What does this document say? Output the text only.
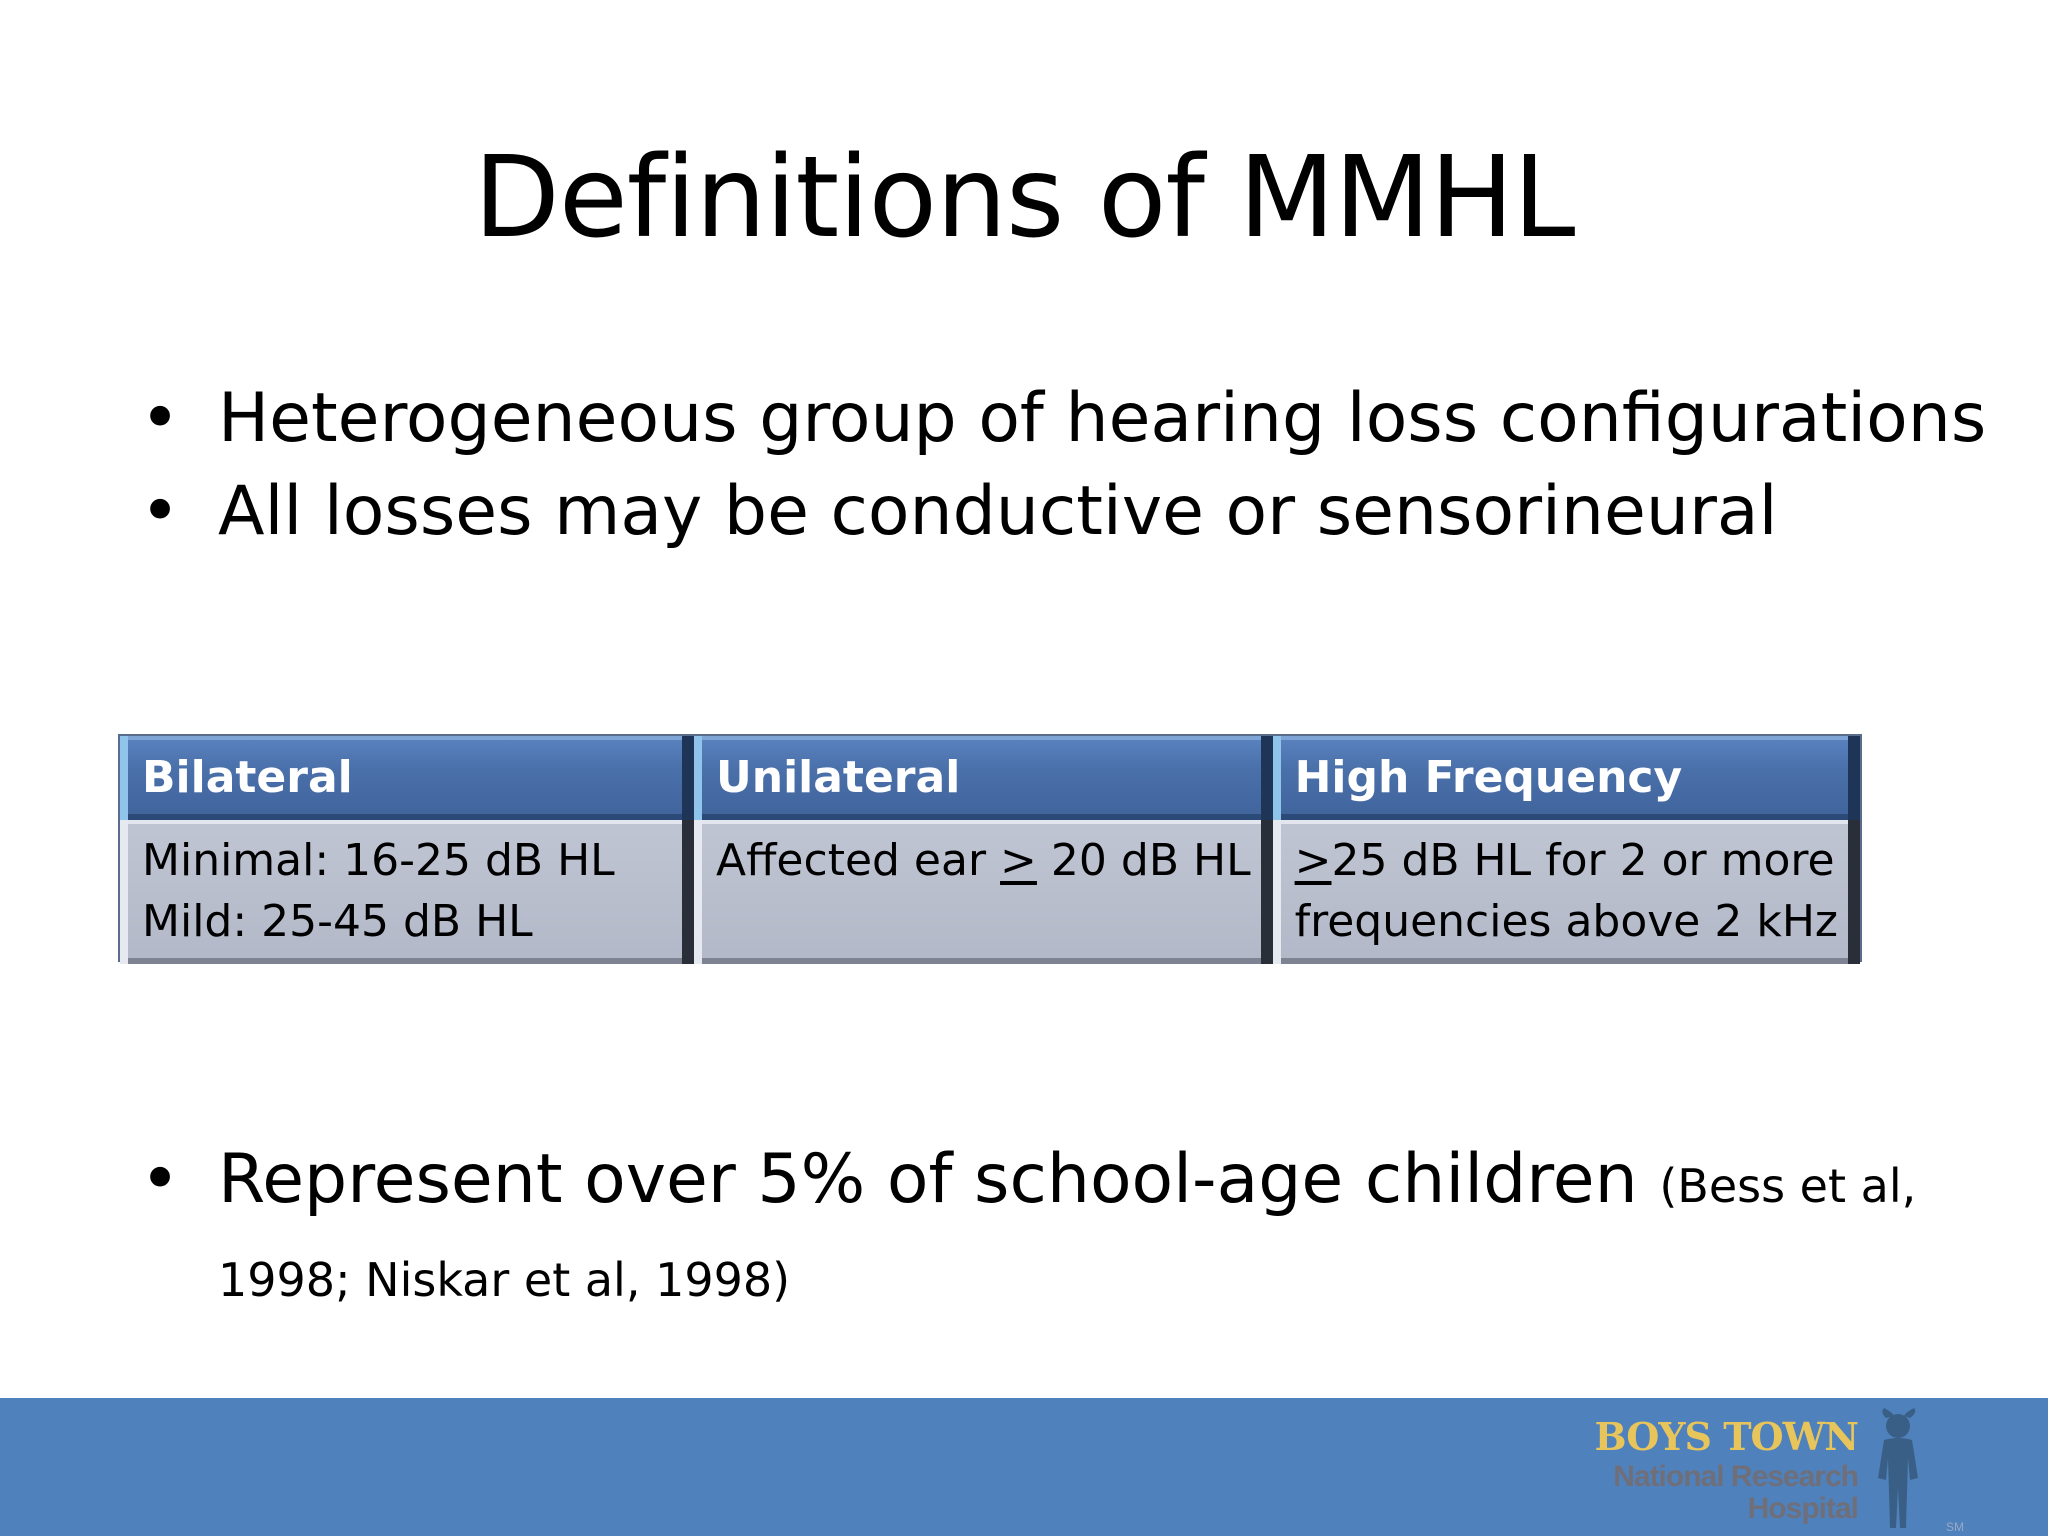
Definitions of MMHL
• Heterogeneous group of hearing loss configurations
• All losses may be conductive or sensorineural
Bilateral	Unilateral	High Frequency
Minimal: 16-25 dB HL
Mild: 25-45 dB HL
Affected ear ≥ 20 dB HL ≥25 dB HL for 2 or more
frequencies above 2 kHz
• Represent over 5% of school-age children (Bess et al, 1998; Niskar et al, 1998)
BOYS TOWN
National Research
Hospital
SM
